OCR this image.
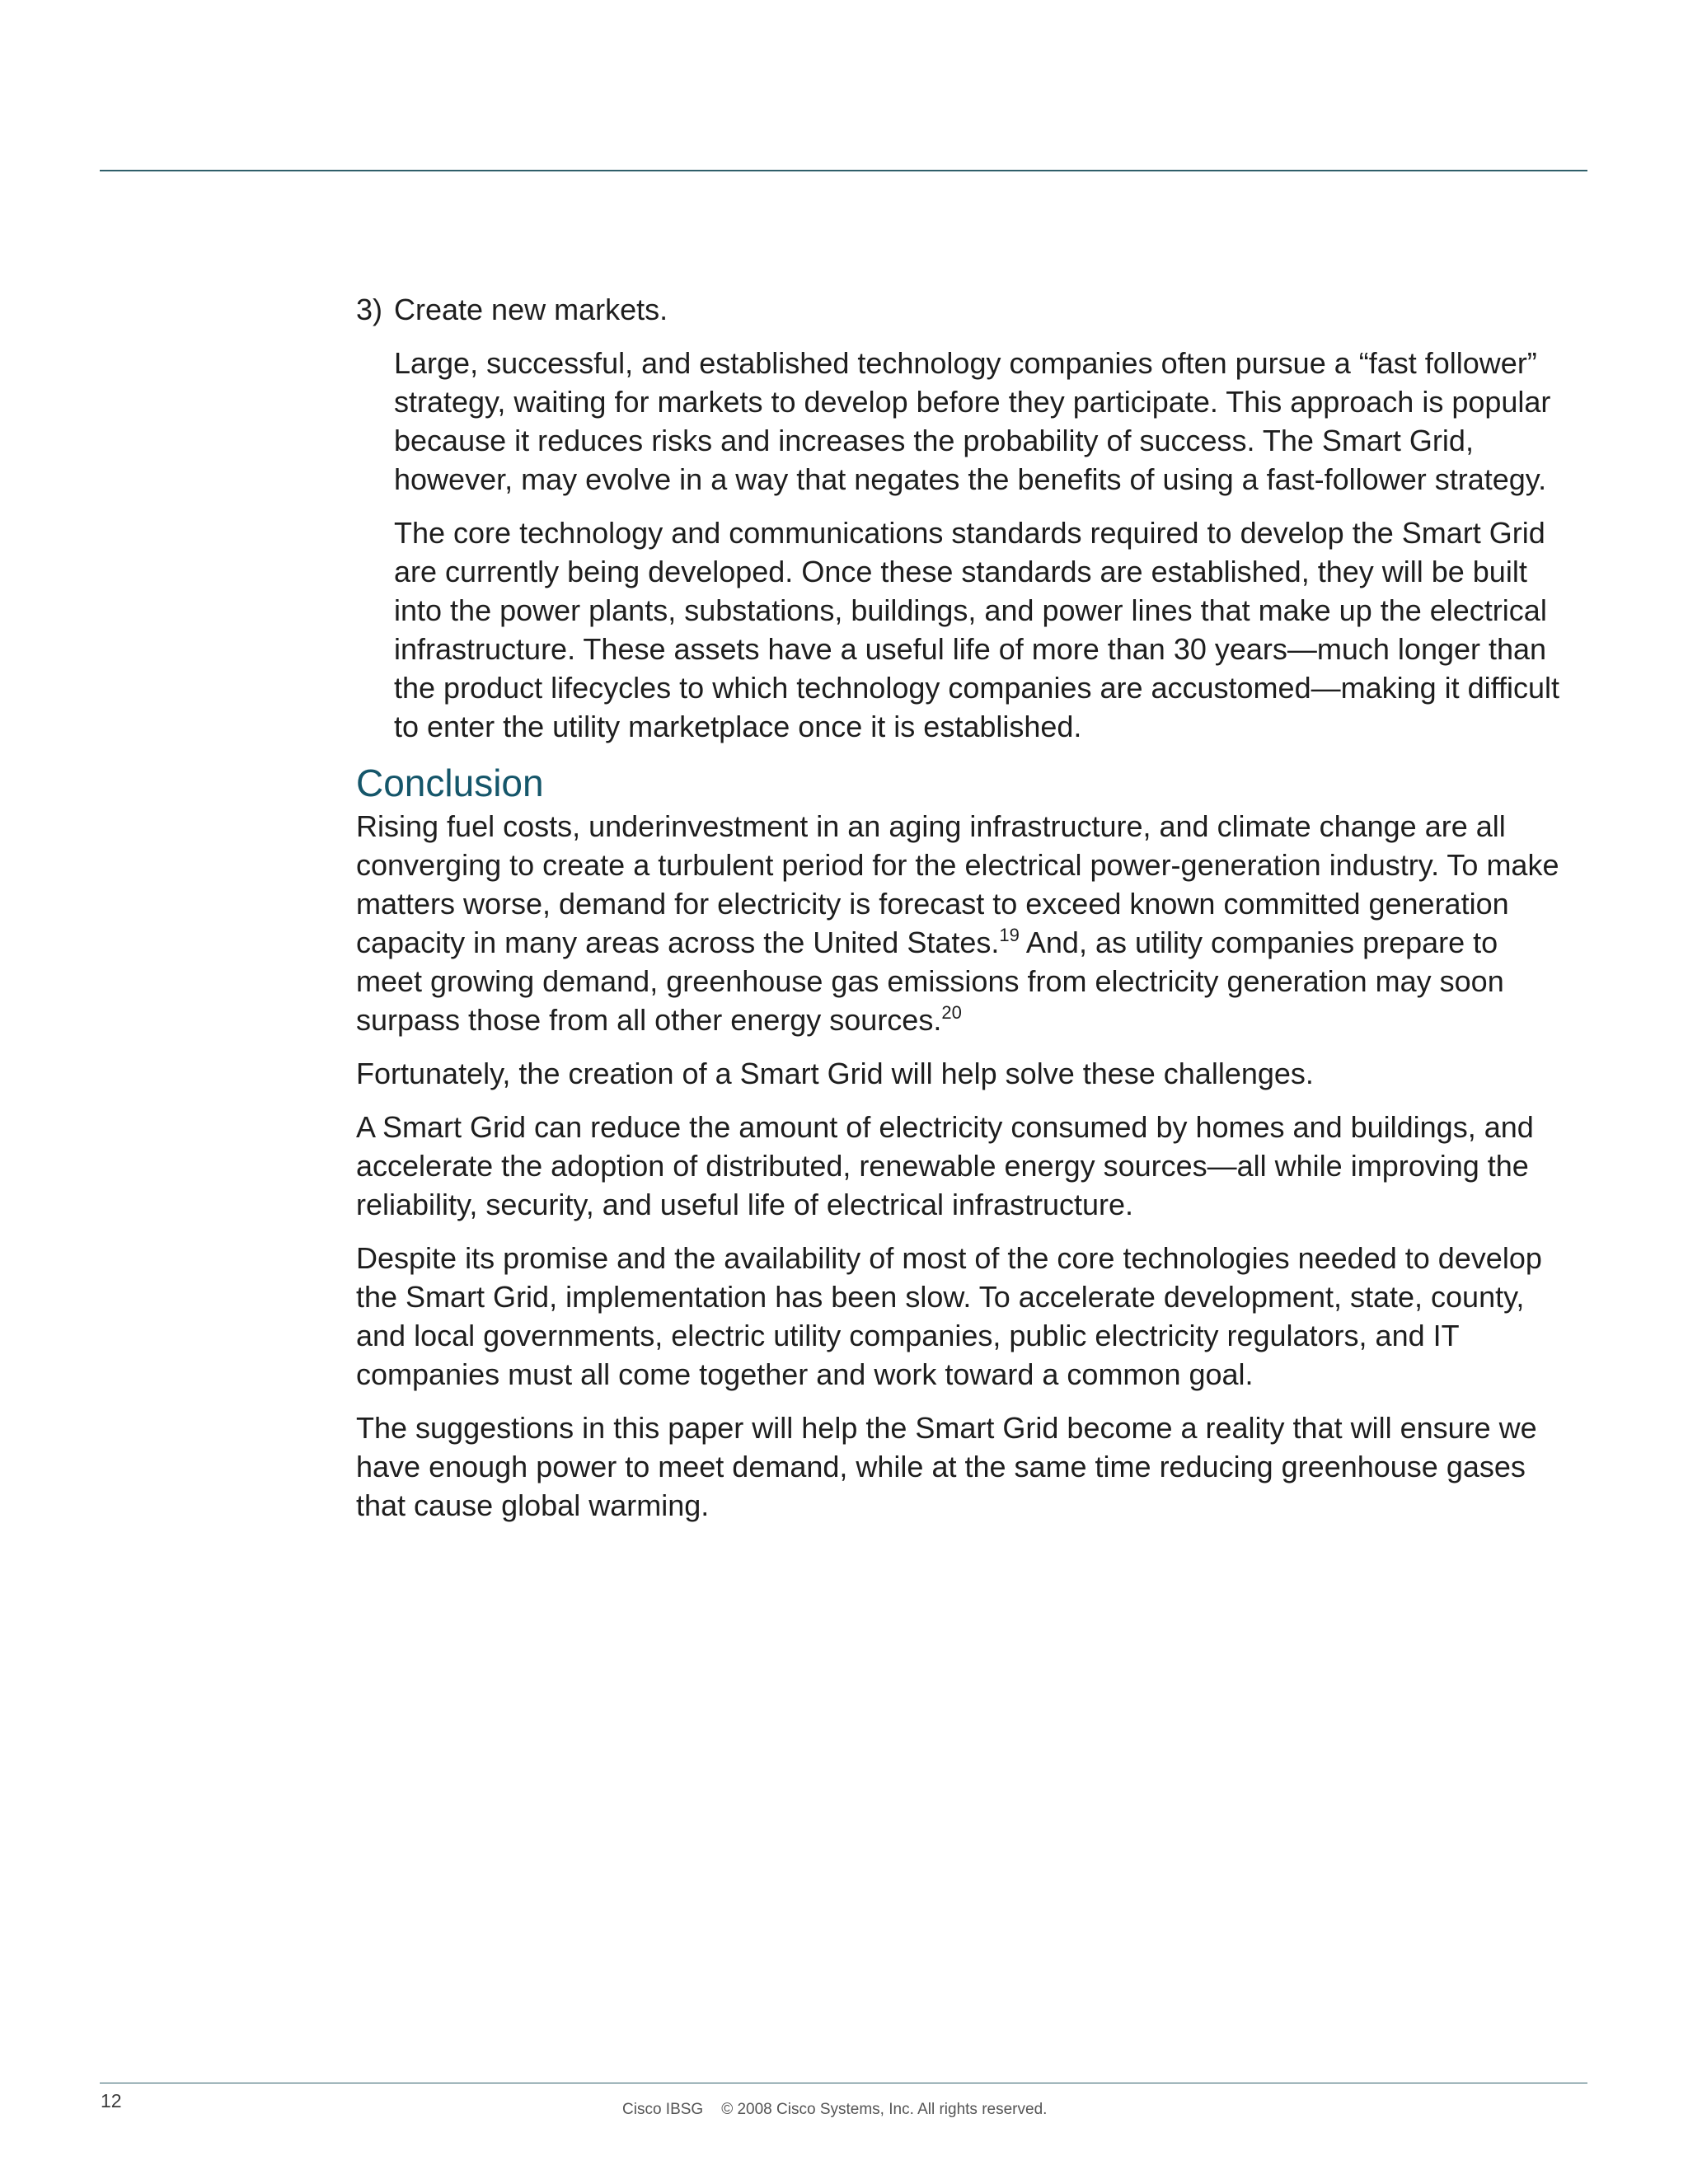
3) Create new markets.

Large, successful, and established technology companies often pursue a “fast follower” strategy, waiting for markets to develop before they participate. This approach is popular because it reduces risks and increases the probability of success. The Smart Grid, however, may evolve in a way that negates the benefits of using a fast-follower strategy.

The core technology and communications standards required to develop the Smart Grid are currently being developed. Once these standards are established, they will be built into the power plants, substations, buildings, and power lines that make up the electrical infrastructure. These assets have a useful life of more than 30 years—much longer than the product lifecycles to which technology companies are accustomed—making it difficult to enter the utility marketplace once it is established.

Conclusion

Rising fuel costs, underinvestment in an aging infrastructure, and climate change are all converging to create a turbulent period for the electrical power-generation industry. To make matters worse, demand for electricity is forecast to exceed known committed generation capacity in many areas across the United States.$^{19}$ And, as utility companies prepare to meet growing demand, greenhouse gas emissions from electricity generation may soon surpass those from all other energy sources.$^{20}$

Fortunately, the creation of a Smart Grid will help solve these challenges.

A Smart Grid can reduce the amount of electricity consumed by homes and buildings, and accelerate the adoption of distributed, renewable energy sources—all while improving the reliability, security, and useful life of electrical infrastructure.

Despite its promise and the availability of most of the core technologies needed to develop the Smart Grid, implementation has been slow. To accelerate development, state, county, and local governments, electric utility companies, public electricity regulators, and IT companies must all come together and work toward a common goal.

The suggestions in this paper will help the Smart Grid become a reality that will ensure we have enough power to meet demand, while at the same time reducing greenhouse gases that cause global warming.

12	Cisco IBSG © 2008 Cisco Systems, Inc. All rights reserved.
